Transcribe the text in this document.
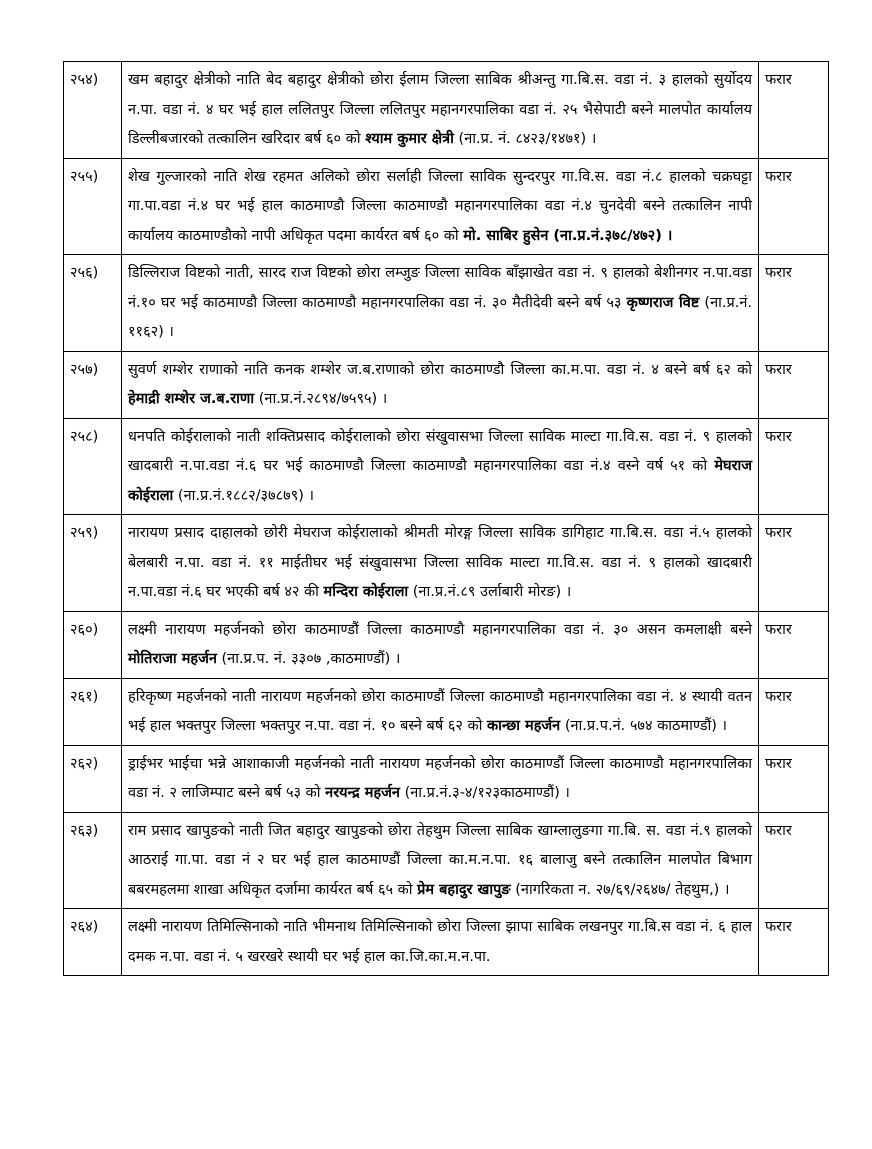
२५४)	खम बहादुर क्षेत्रीको नाति बेद बहादुर क्षेत्रीको छोरा ईलाम जिल्ला साबिक श्रीअन्तु गा.बि.स. वडा नं. ३ हालको सुर्योदय न.पा. वडा नं. ४ घर भई हाल ललितपुर जिल्ला ललितपुर महानगरपालिका वडा नं. २५ भैसेपाटी बस्ने मालपोत कार्यालय डिल्लीबजारको तत्कालिन खरिदार बर्ष ६० को श्याम कुमार क्षेत्री (ना.प्र. नं. ८४२३/१४७१) ।	फरार
२५५)	शेख गुल्जारको नाति शेख रहमत अलिको छोरा सर्लाही जिल्ला साविक सुन्दरपुर गा.वि.स. वडा नं.८ हालको चक्रघट्टा गा.पा.वडा नं.४ घर भई हाल काठमाण्डौ जिल्ला काठमाण्डौ महानगरपालिका वडा नं.४ चुनदेवी बस्ने तत्कालिन नापी कार्यालय काठमाण्डौको नापी अधिकृत पदमा कार्यरत बर्ष ६० को मो. साबिर हुसेन (ना.प्र.नं.३७८/४७२) ।	फरार
२५६)	डिल्लिराज विष्टको नाती, सारद राज विष्टको छोरा लम्जुङ जिल्ला साविक बाँझाखेत वडा नं. ९ हालको बेशीनगर न.पा.वडा नं.१० घर भई काठमाण्डौ जिल्ला काठमाण्डौ महानगरपालिका वडा नं. ३० मैतीदेवी बस्ने बर्ष ५३ कृष्णराज विष्ट (ना.प्र.नं. ११६२) ।	फरार
२५७)	सुवर्ण शम्शेर राणाको नाति कनक शम्शेर ज.ब.राणाको छोरा काठमाण्डौ जिल्ला का.म.पा. वडा नं. ४ बस्ने बर्ष ६२ को हेमाद्री शम्शेर ज.ब.राणा (ना.प्र.नं.२८९४/७५९५) ।	फरार
२५८)	धनपति कोईरालाको नाती शक्तिप्रसाद कोईरालाको छोरा संखुवासभा जिल्ला साविक माल्टा गा.वि.स. वडा नं. ९ हालको खादबारी न.पा.वडा नं.६ घर भई काठमाण्डौ जिल्ला काठमाण्डौ महानगरपालिका वडा नं.४ वस्ने वर्ष ५१ को मेघराज कोईराला (ना.प्र.नं.१८८२/३७८७९) ।	फरार
२५९)	नारायण प्रसाद दाहालको छोरी मेघराज कोईरालाको श्रीमती मोरङ्ग जिल्ला साविक डागिहाट गा.बि.स. वडा नं.५ हालको बेलबारी न.पा. वडा नं. ११ माईतीघर भई संखुवासभा जिल्ला साविक माल्टा गा.वि.स. वडा नं. ९ हालको खादबारी न.पा.वडा नं.६ घर भएकी बर्ष ४२ की मन्दिरा कोईराला (ना.प्र.नं.८९ उर्लाबारी मोरङ) ।	फरार
२६०)	लक्ष्मी नारायण महर्जनको छोरा काठमाण्डौं जिल्ला काठमाण्डौ महानगरपालिका वडा नं. ३० असन कमलाक्षी बस्ने मोतिराजा महर्जन (ना.प्र.प. नं. ३३०७ ,काठमाण्डौं) ।	फरार
२६१)	हरिकृष्ण महर्जनको नाती नारायण महर्जनको छोरा काठमाण्डौं जिल्ला काठमाण्डौ महानगरपालिका वडा नं. ४ स्थायी वतन भई हाल भक्तपुर जिल्ला भक्तपुर न.पा. वडा नं. १० बस्ने बर्ष ६२ को कान्छा महर्जन (ना.प्र.प.नं. ५७४ काठमाण्डौं) ।	फरार
२६२)	ड्राईभर भाईचा भन्ने आशाकाजी महर्जनको नाती नारायण महर्जनको छोरा काठमाण्डौं जिल्ला काठमाण्डौ महानगरपालिका वडा नं. २ लाजिम्पाट बस्ने बर्ष ५३ को नरयन्द्र महर्जन (ना.प्र.नं.३-४/१२३काठमाण्डौं) ।	फरार
२६३)	राम प्रसाद खापुङको नाती जित बहादुर खापुङको छोरा तेहथुम जिल्ला साबिक खाम्लालुङगा गा.बि. स. वडा नं.९ हालको आठराई गा.पा. वडा नं २ घर भई हाल काठमाण्डौं जिल्ला का.म.न.पा. १६ बालाजु बस्ने तत्कालिन मालपोत बिभाग बबरमहलमा शाखा अधिकृत दर्जामा कार्यरत बर्ष ६५ को प्रेम बहादुर खापुङ (नागरिकता न. २७/६९/२६४७/ तेहथुम,) ।	फरार
२६४)	लक्ष्मी नारायण तिमिल्सिनाको नाति भीमनाथ तिमिल्सिनाको छोरा जिल्ला झापा साबिक लखनपुर गा.बि.स वडा नं. ६ हाल दमक न.पा. वडा नं. ५ खरखरे स्थायी घर भई हाल का.जि.का.म.न.पा.	फरार
